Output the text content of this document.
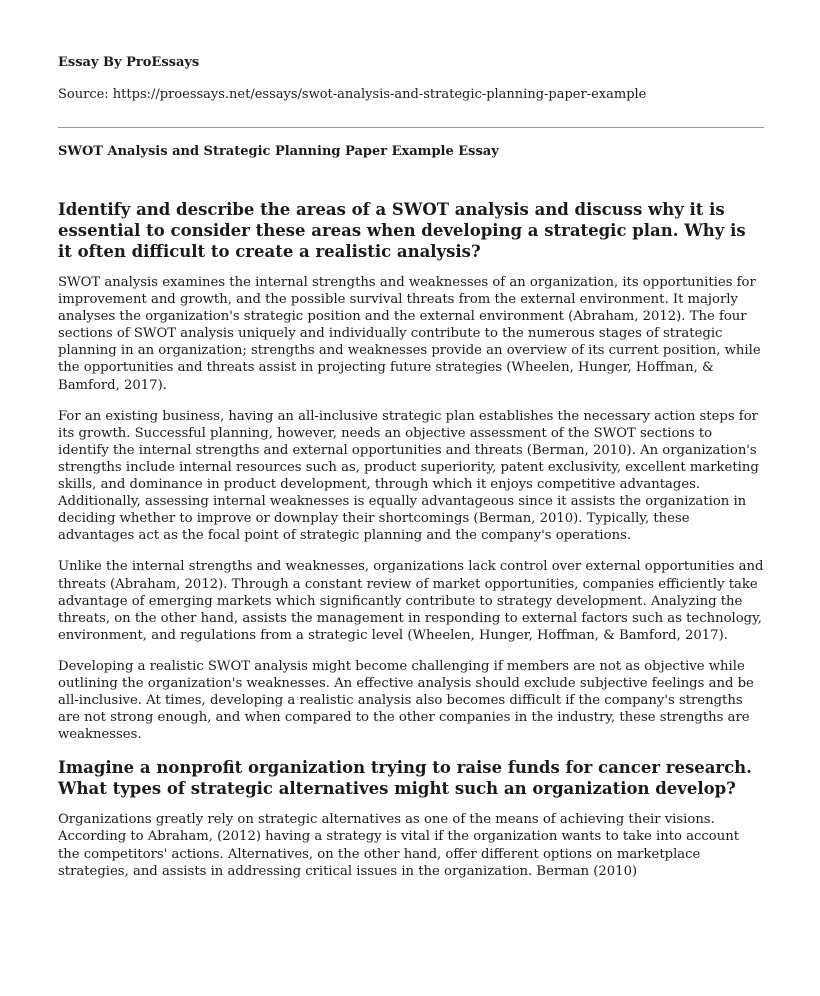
Essay By ProEssays
Source: https://proessays.net/essays/swot-analysis-and-strategic-planning-paper-example
SWOT Analysis and Strategic Planning Paper Example Essay
Identify and describe the areas of a SWOT analysis and discuss why it is essential to consider these areas when developing a strategic plan. Why is it often difficult to create a realistic analysis?

SWOT analysis examines the internal strengths and weaknesses of an organization, its opportunities for improvement and growth, and the possible survival threats from the external environment. It majorly analyses the organization's strategic position and the external environment (Abraham, 2012). The four sections of SWOT analysis uniquely and individually contribute to the numerous stages of strategic planning in an organization; strengths and weaknesses provide an overview of its current position, while the opportunities and threats assist in projecting future strategies (Wheelen, Hunger, Hoffman, & Bamford, 2017).

For an existing business, having an all-inclusive strategic plan establishes the necessary action steps for its growth. Successful planning, however, needs an objective assessment of the SWOT sections to identify the internal strengths and external opportunities and threats (Berman, 2010). An organization's strengths include internal resources such as, product superiority, patent exclusivity, excellent marketing skills, and dominance in product development, through which it enjoys competitive advantages. Additionally, assessing internal weaknesses is equally advantageous since it assists the organization in deciding whether to improve or downplay their shortcomings (Berman, 2010). Typically, these advantages act as the focal point of strategic planning and the company's operations.

Unlike the internal strengths and weaknesses, organizations lack control over external opportunities and threats (Abraham, 2012). Through a constant review of market opportunities, companies efficiently take advantage of emerging markets which significantly contribute to strategy development. Analyzing the threats, on the other hand, assists the management in responding to external factors such as technology, environment, and regulations from a strategic level (Wheelen, Hunger, Hoffman, & Bamford, 2017).

Developing a realistic SWOT analysis might become challenging if members are not as objective while outlining the organization's weaknesses. An effective analysis should exclude subjective feelings and be all-inclusive. At times, developing a realistic analysis also becomes difficult if the company's strengths are not strong enough, and when compared to the other companies in the industry, these strengths are weaknesses.

Imagine a nonprofit organization trying to raise funds for cancer research. What types of strategic alternatives might such an organization develop?

Organizations greatly rely on strategic alternatives as one of the means of achieving their visions. According to Abraham, (2012) having a strategy is vital if the organization wants to take into account the competitors' actions. Alternatives, on the other hand, offer different options on marketplace strategies, and assists in addressing critical issues in the organization. Berman (2010)
